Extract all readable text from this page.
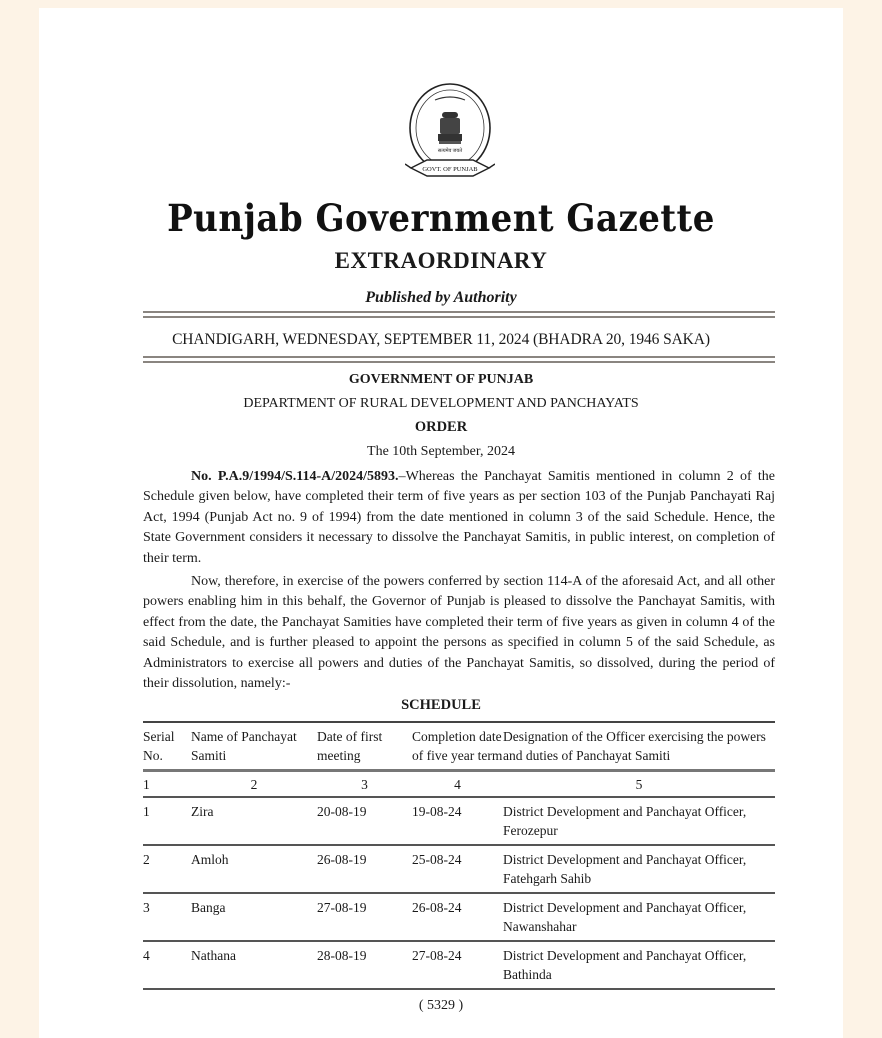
सत्यमेव जयते
GOVT. OF PUNJAB
Punjab Government Gazette
EXTRAORDINARY
Published by Authority
CHANDIGARH, WEDNESDAY, SEPTEMBER 11, 2024 (BHADRA 20, 1946 SAKA)
GOVERNMENT OF PUNJAB
DEPARTMENT OF RURAL DEVELOPMENT AND PANCHAYATS
ORDER
The 10th September, 2024
No. P.A.9/1994/S.114-A/2024/5893.–Whereas the Panchayat Samitis mentioned in column 2 of the Schedule given below, have completed their term of five years as per section 103 of the Punjab Panchayati Raj Act, 1994 (Punjab Act no. 9 of 1994) from the date mentioned in column 3 of the said Schedule. Hence, the State Government considers it necessary to dissolve the Panchayat Samitis, in public interest, on completion of their term.
Now, therefore, in exercise of the powers conferred by section 114-A of the aforesaid Act, and all other powers enabling him in this behalf, the Governor of Punjab is pleased to dissolve the Panchayat Samitis, with effect from the date, the Panchayat Samities have completed their term of five years as given in column 4 of the said Schedule, and is further pleased to appoint the persons as specified in column 5 of the said Schedule, as Administrators to exercise all powers and duties of the Panchayat Samitis, so dissolved, during the period of their dissolution, namely:-
SCHEDULE
Serial No.	Name of Panchayat Samiti	Date of first meeting	Completion date of five year term	Designation of the Officer exercising the powers and duties of Panchayat Samiti
1	2	3	4	5
1	Zira	20-08-19	19-08-24	District Development and Panchayat Officer,
Ferozepur
2	Amloh	26-08-19	25-08-24	District Development and Panchayat Officer,
Fatehgarh Sahib
3	Banga	27-08-19	26-08-24	District Development and Panchayat Officer,
Nawanshahar
4	Nathana	28-08-19	27-08-24	District Development and Panchayat Officer,
Bathinda
( 5329 )
